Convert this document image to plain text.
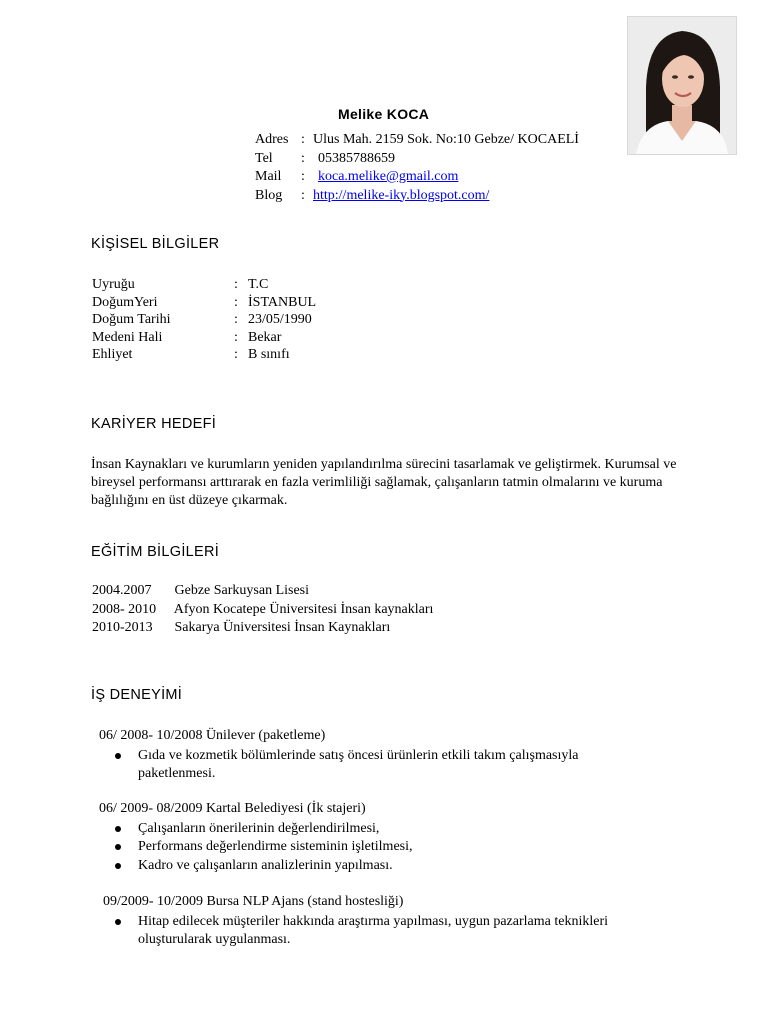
Melike KOCA
Adres : Ulus Mah. 2159 Sok. No:10 Gebze/ KOCAELİ
Tel	: 05385788659
Mail	: koca.melike@gmail.com
Blog	: http://melike-iky.blogspot.com/
KİŞİSEL BİLGİLER
Uyruğu	: T.C
DoğumYeri	: İSTANBUL
Doğum Tarihi	: 23/05/1990
Medeni Hali	: Bekar
Ehliyet	: B sınıfı
KARİYER HEDEFİ
İnsan Kaynakları ve kurumların yeniden yapılandırılma sürecini tasarlamak ve geliştirmek. Kurumsal ve bireysel performansı arttırarak en fazla verimliliği sağlamak, çalışanların tatmin olmalarını ve kuruma bağlılığını en üst düzeye çıkarmak.
EĞİTİM BİLGİLERİ
2004.2007 Gebze Sarkuysan Lisesi
2008- 2010 Afyon Kocatepe Üniversitesi İnsan kaynakları
2010-2013 Sakarya Üniversitesi İnsan Kaynakları
İŞ DENEYİMİ
06/ 2008- 10/2008 Ünilever (paketleme)
Gıda ve kozmetik bölümlerinde satış öncesi ürünlerin etkili takım çalışmasıyla paketlenmesi.
06/ 2009- 08/2009 Kartal Belediyesi (İk stajeri)
Çalışanların önerilerinin değerlendirilmesi,
Performans değerlendirme sisteminin işletilmesi,
Kadro ve çalışanların analizlerinin yapılması.
09/2009- 10/2009 Bursa NLP Ajans (stand hostesliği)
Hitap edilecek müşteriler hakkında araştırma yapılması, uygun pazarlama teknikleri oluşturularak uygulanması.
